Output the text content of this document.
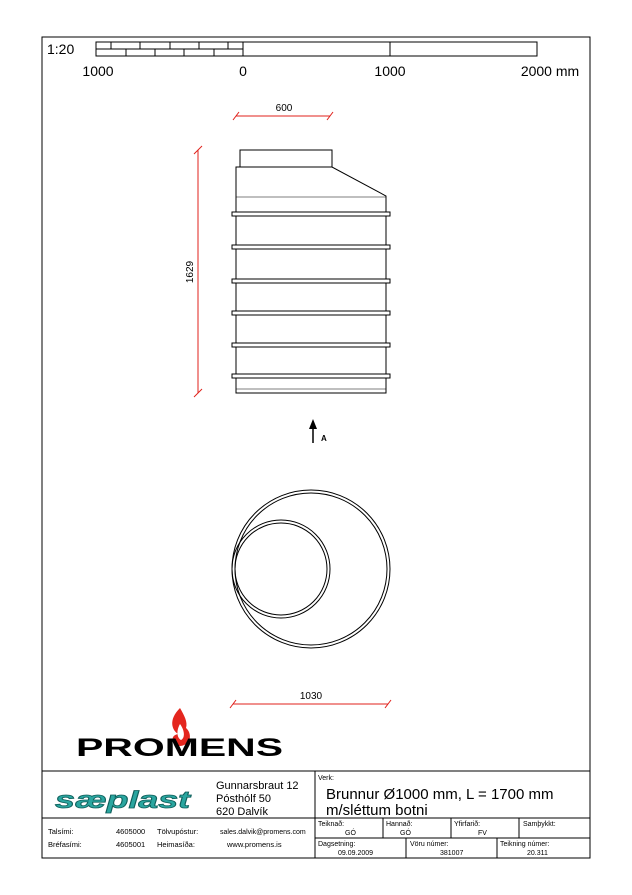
1:20
1000	0	1000	2000 mm
600
1629
A
1030
PROMENS
sæplast
Gunnarsbraut 12
Pósthólf 50
620 Dalvík
Talsími:	4605000 Tölvupóstur:	sales.dalvik@promens.com
Bréfasími:	4605001 Heimasíða:	www.promens.is
Verk:
Brunnur Ø1000 mm, L = 1700 mm
m/sléttum botni
Teiknað:
GÓ
Hannað:
GÓ
Yfirfarið:
FV
Samþykkt:
Dagsetning:
09.09.2009
Vöru númer:
381007
Teikning númer:
20.311
